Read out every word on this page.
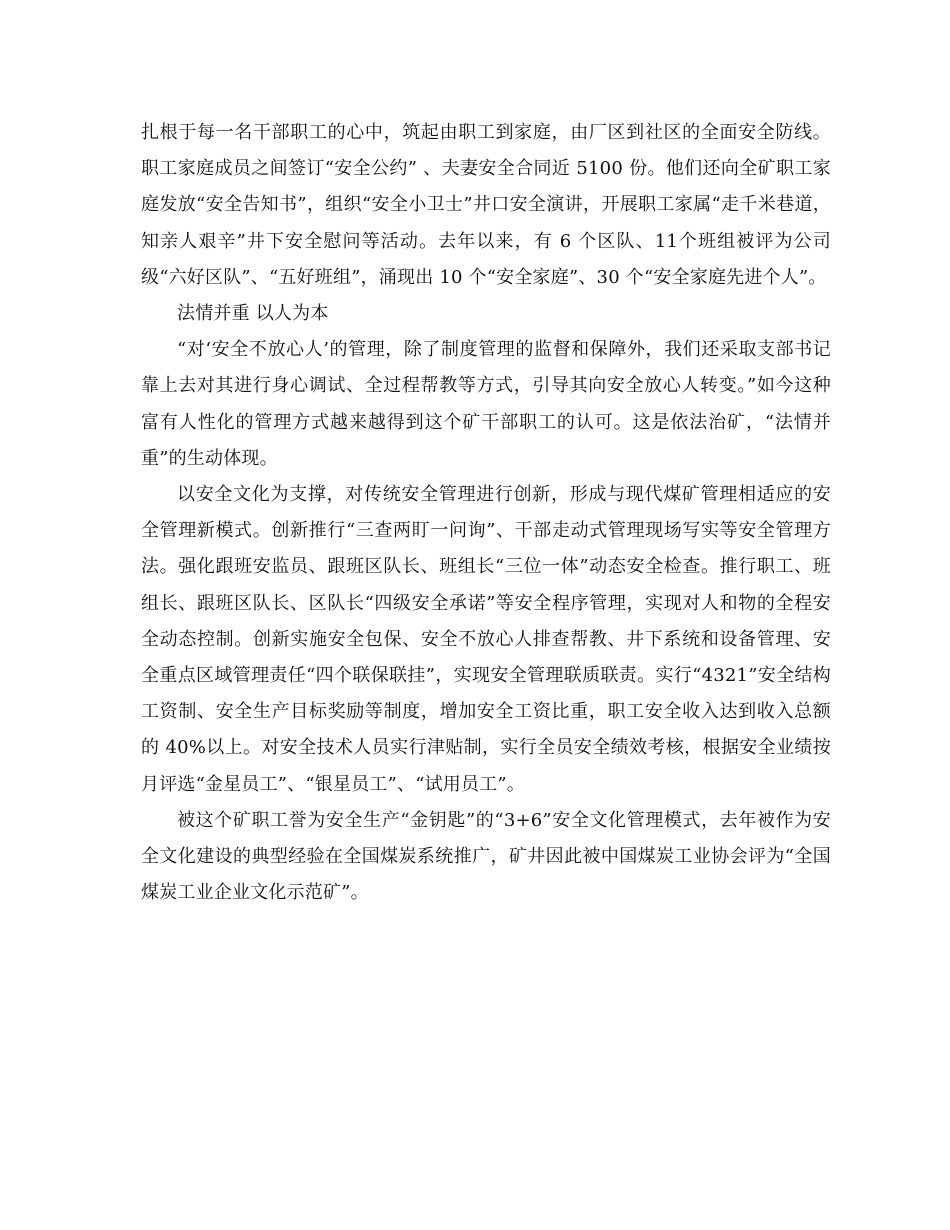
扎根于每一名干部职工的心中，筑起由职工到家庭，由厂区到社区的全面安全防线。职工家庭成员之间签订“安全公约” 、夫妻安全合同近 5100 份。他们还向全矿职工家庭发放“安全告知书”，组织“安全小卫士”井口安全演讲，开展职工家属“走千米巷道，知亲人艰辛”井下安全慰问等活动。去年以来，有 6 个区队、11个班组被评为公司级“六好区队”、“五好班组”，涌现出 10 个“安全家庭”、30 个“安全家庭先进个人”。

法情并重 以人为本

“对‘安全不放心人’的管理，除了制度管理的监督和保障外，我们还采取支部书记靠上去对其进行身心调试、全过程帮教等方式，引导其向安全放心人转变。”如今这种富有人性化的管理方式越来越得到这个矿干部职工的认可。这是依法治矿，“法情并重”的生动体现。

以安全文化为支撑，对传统安全管理进行创新，形成与现代煤矿管理相适应的安全管理新模式。创新推行“三查两盯一问询”、干部走动式管理现场写实等安全管理方法。强化跟班安监员、跟班区队长、班组长“三位一体”动态安全检查。推行职工、班组长、跟班区队长、区队长“四级安全承诺”等安全程序管理，实现对人和物的全程安全动态控制。创新实施安全包保、安全不放心人排查帮教、井下系统和设备管理、安全重点区域管理责任“四个联保联挂”，实现安全管理联质联责。实行“4321”安全结构工资制、安全生产目标奖励等制度，增加安全工资比重，职工安全收入达到收入总额的 40%以上。对安全技术人员实行津贴制，实行全员安全绩效考核，根据安全业绩按月评选“金星员工”、“银星员工”、“试用员工”。

被这个矿职工誉为安全生产“金钥匙”的“3+6”安全文化管理模式，去年被作为安全文化建设的典型经验在全国煤炭系统推广，矿井因此被中国煤炭工业协会评为“全国煤炭工业企业文化示范矿”。
